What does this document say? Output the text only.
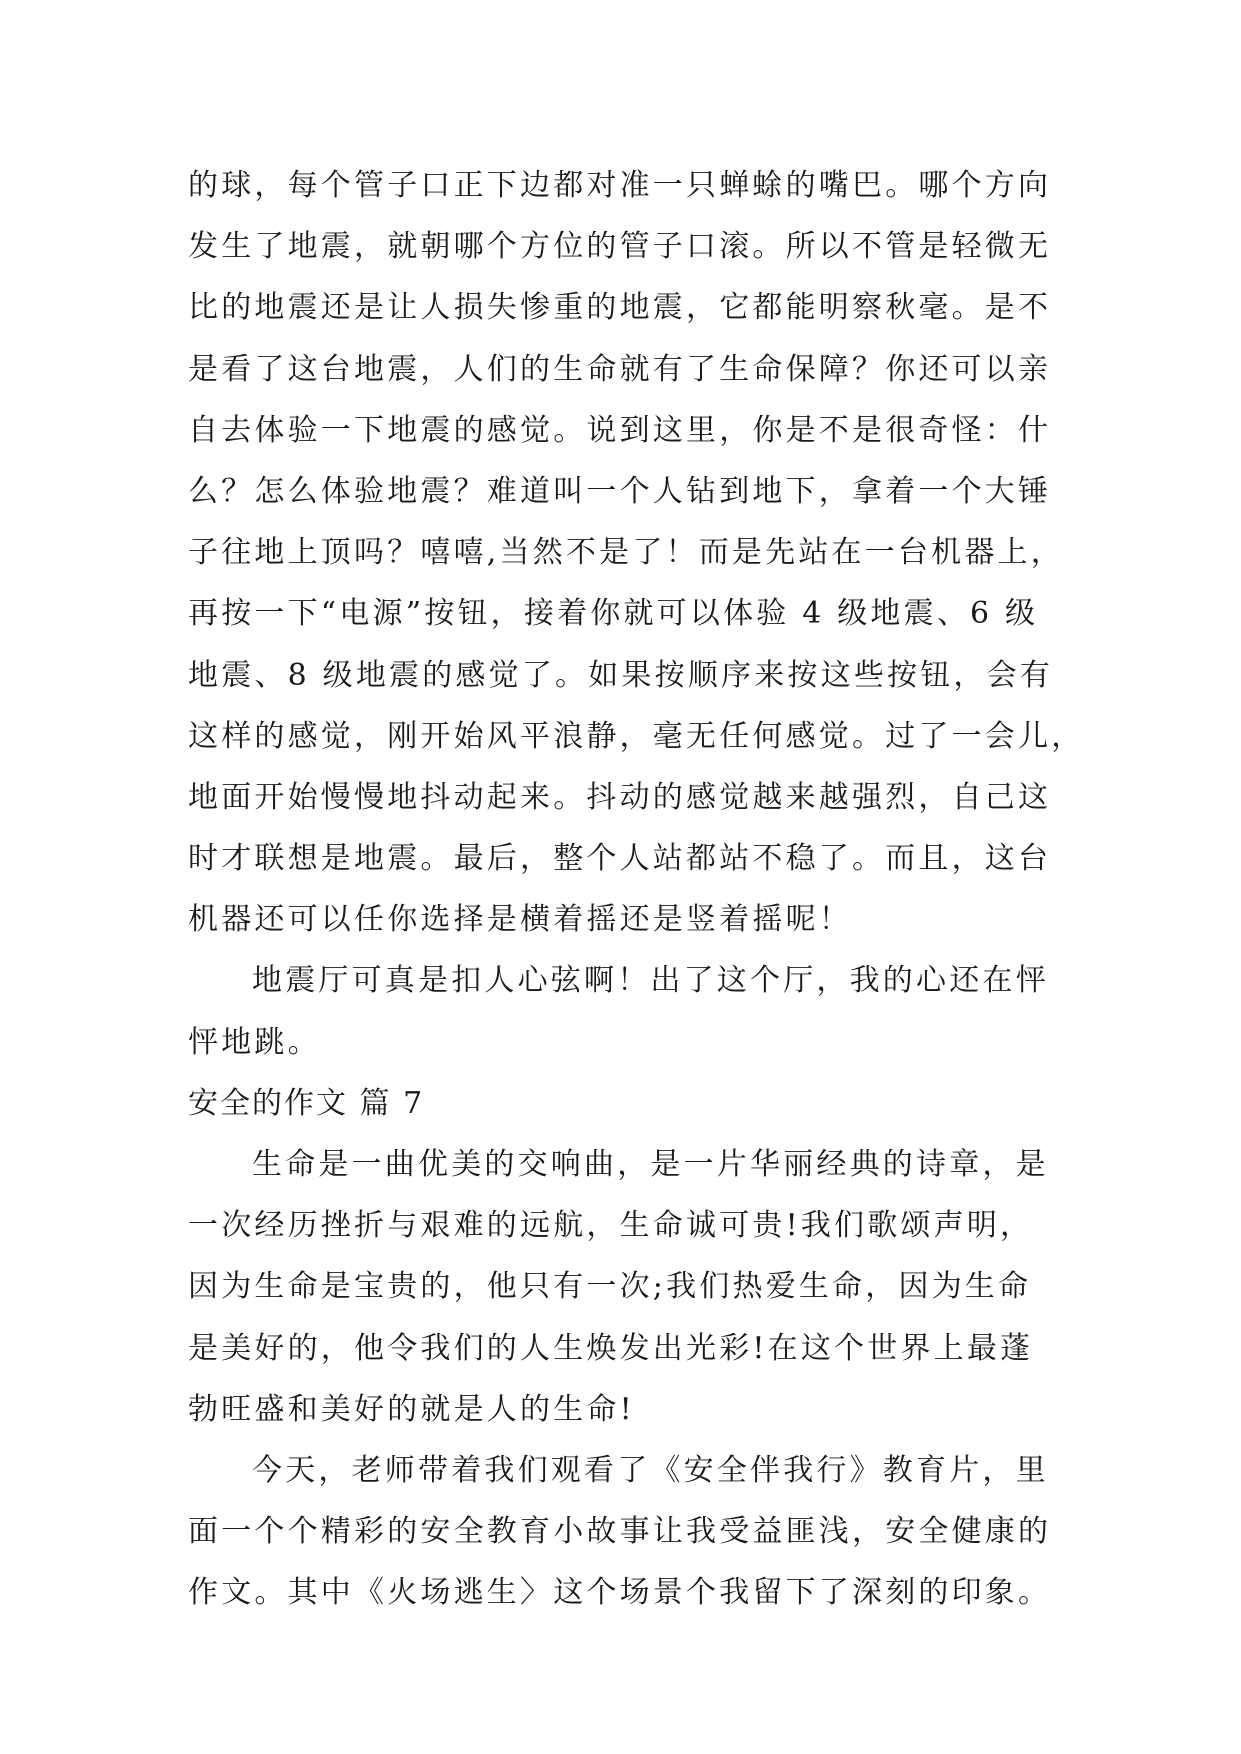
的球，每个管子口正下边都对准一只蝉蜍的嘴巴。哪个方向
发生了地震，就朝哪个方位的管子口滚。所以不管是轻微无
比的地震还是让人损失惨重的地震，它都能明察秋毫。是不
是看了这台地震，人们的生命就有了生命保障？你还可以亲
自去体验一下地震的感觉。说到这里，你是不是很奇怪：什
么？怎么体验地震？难道叫一个人钻到地下，拿着一个大锤
子往地上顶吗？嘻嘻,当然不是了！而是先站在一台机器上，
再按一下“电源”按钮，接着你就可以体验 4 级地震、6 级
地震、8 级地震的感觉了。如果按顺序来按这些按钮，会有
这样的感觉，刚开始风平浪静，毫无任何感觉。过了一会儿，
地面开始慢慢地抖动起来。抖动的感觉越来越强烈，自己这
时才联想是地震。最后，整个人站都站不稳了。而且，这台
机器还可以任你选择是横着摇还是竖着摇呢！
地震厅可真是扣人心弦啊！出了这个厅，我的心还在怦
怦地跳。
安全的作文 篇 7
生命是一曲优美的交响曲，是一片华丽经典的诗章，是
一次经历挫折与艰难的远航，生命诚可贵!我们歌颂声明，
因为生命是宝贵的，他只有一次;我们热爱生命，因为生命
是美好的，他令我们的人生焕发出光彩!在这个世界上最蓬
勃旺盛和美好的就是人的生命!
今天，老师带着我们观看了《安全伴我行》教育片，里
面一个个精彩的安全教育小故事让我受益匪浅，安全健康的
作文。其中《火场逃生〉这个场景个我留下了深刻的印象。
